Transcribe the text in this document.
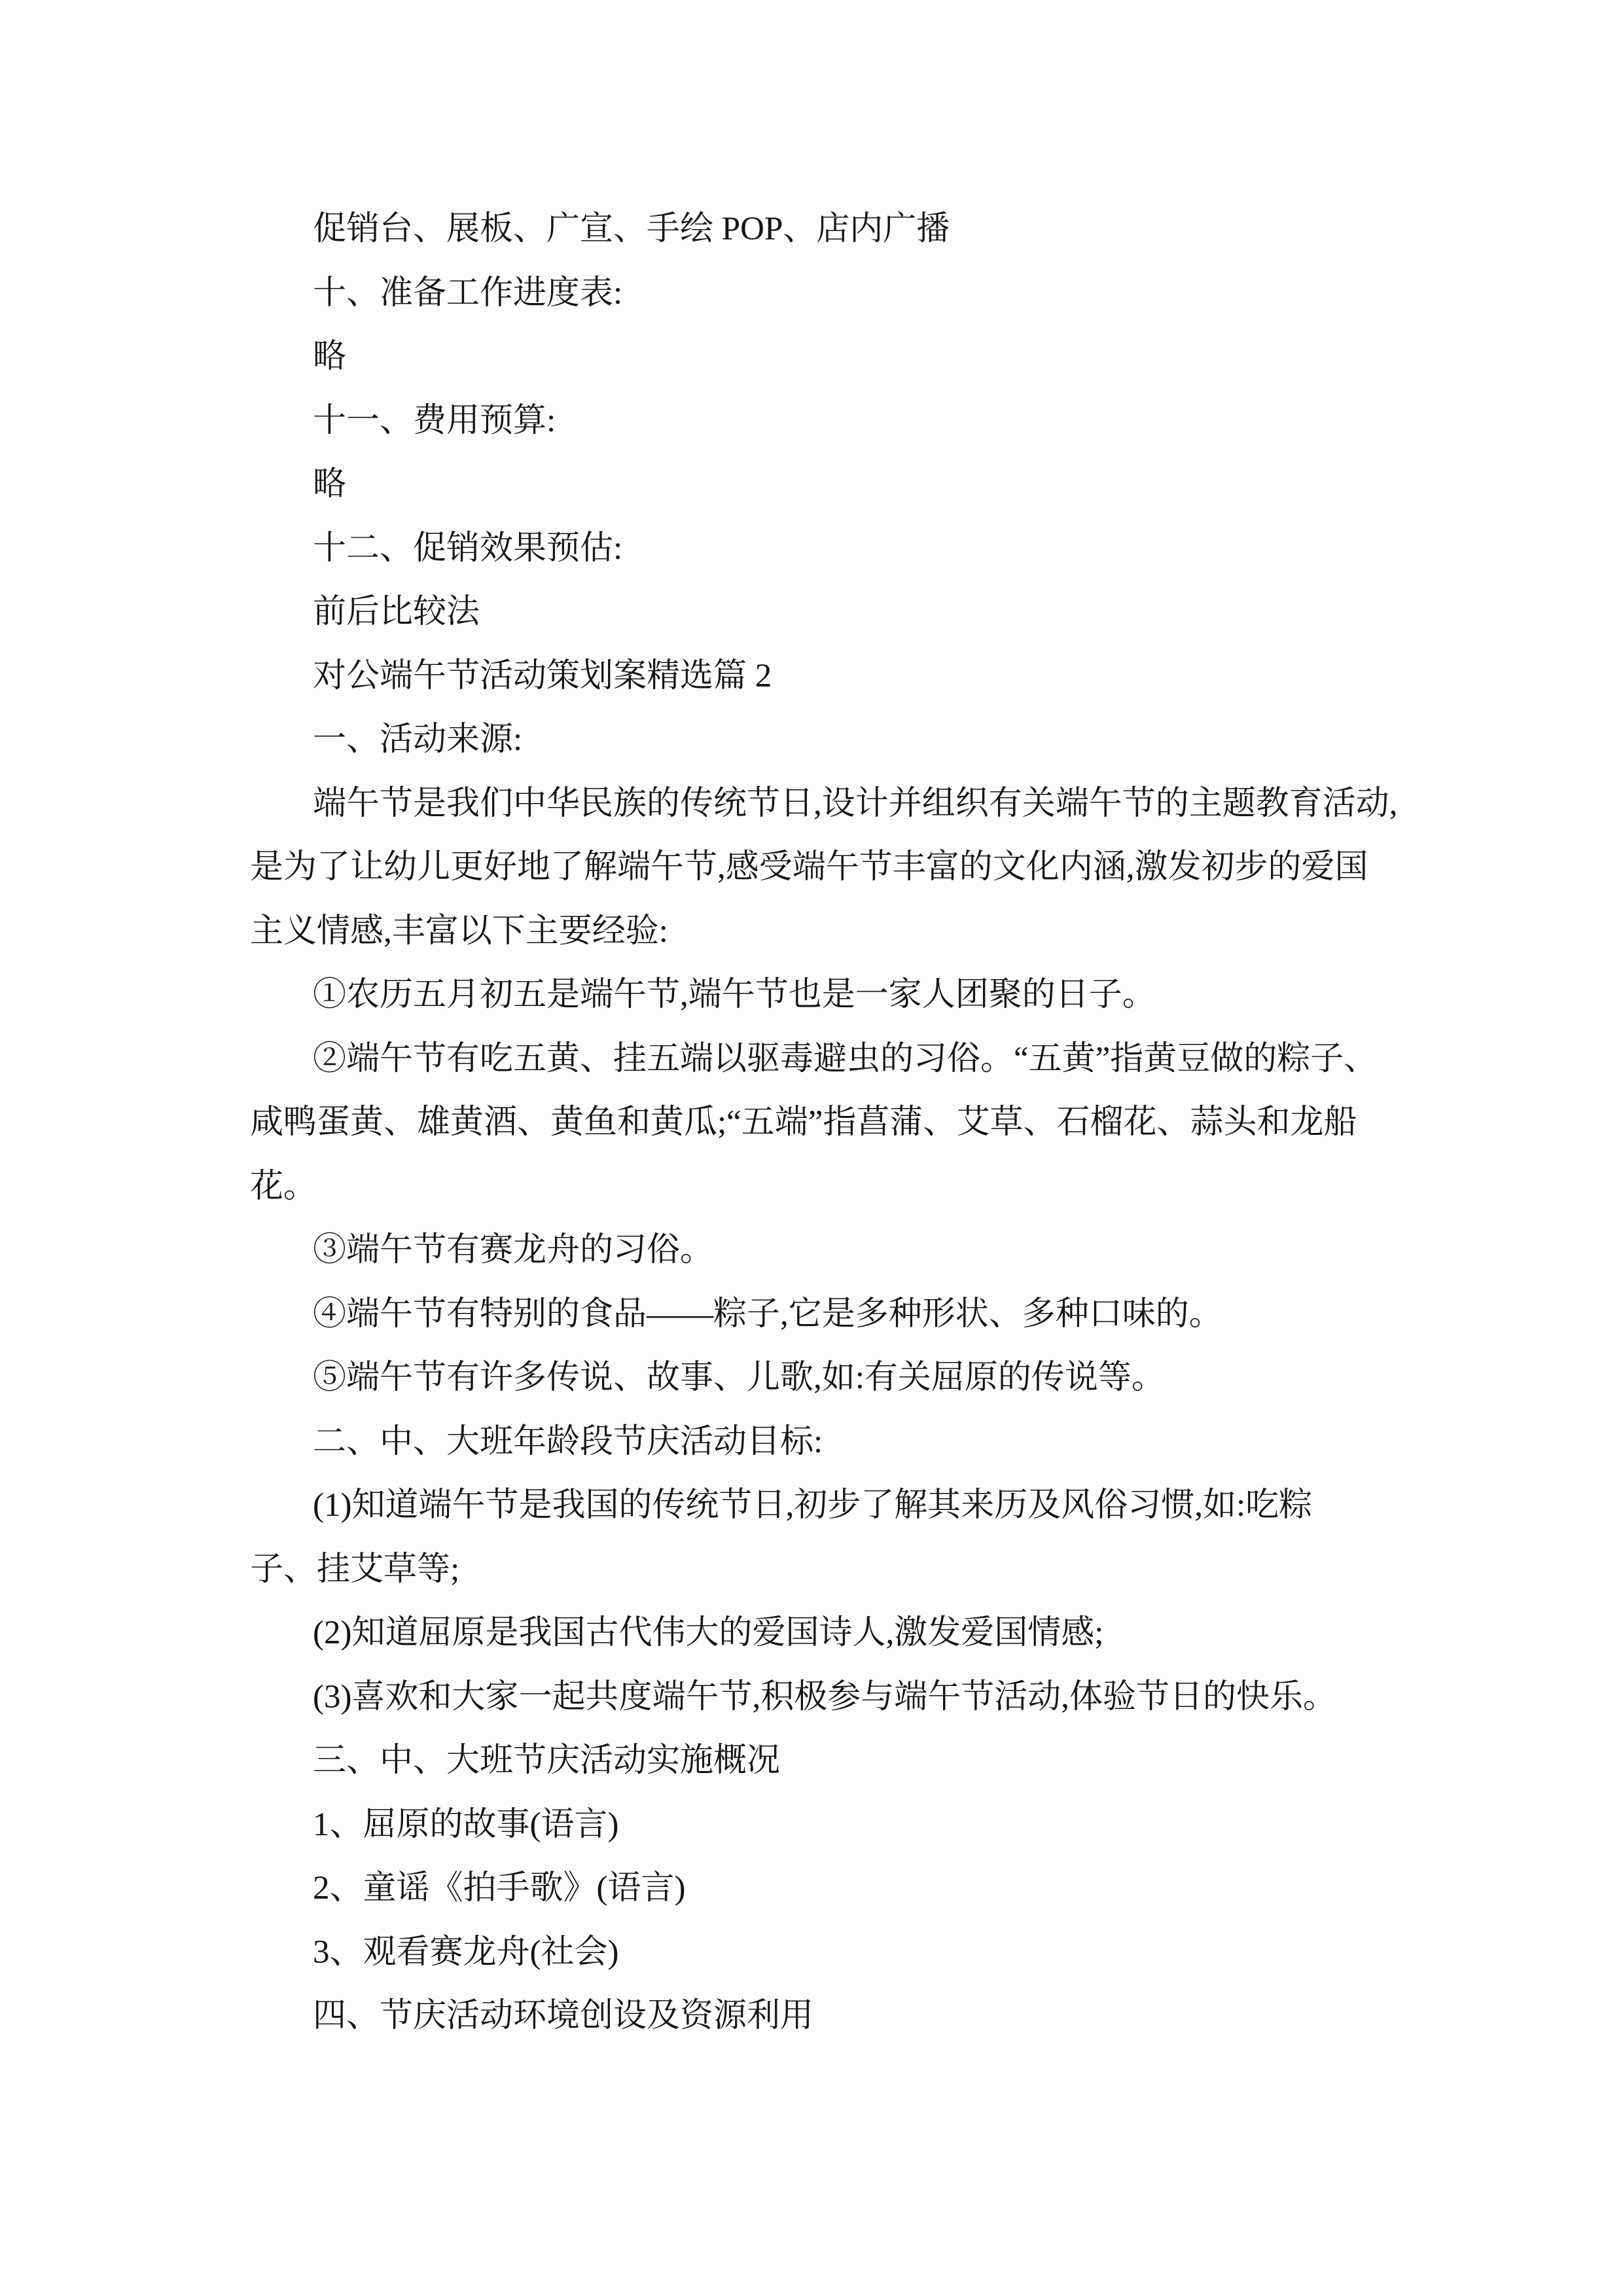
促销台、展板、广宣、手绘 POP、店内广播
十、准备工作进度表:
略
十一、费用预算:
略
十二、促销效果预估:
前后比较法
对公端午节活动策划案精选篇 2
一、活动来源:
端午节是我们中华民族的传统节日,设计并组织有关端午节的主题教育活动,
是为了让幼儿更好地了解端午节,感受端午节丰富的文化内涵,激发初步的爱国
主义情感,丰富以下主要经验:
①农历五月初五是端午节,端午节也是一家人团聚的日子。
②端午节有吃五黄、挂五端以驱毒避虫的习俗。“五黄”指黄豆做的粽子、
咸鸭蛋黄、雄黄酒、黄鱼和黄瓜;“五端”指菖蒲、艾草、石榴花、蒜头和龙船
花。
③端午节有赛龙舟的习俗。
④端午节有特别的食品——粽子,它是多种形状、多种口味的。
⑤端午节有许多传说、故事、儿歌,如:有关屈原的传说等。
二、中、大班年龄段节庆活动目标:
(1)知道端午节是我国的传统节日,初步了解其来历及风俗习惯,如:吃粽
子、挂艾草等;
(2)知道屈原是我国古代伟大的爱国诗人,激发爱国情感;
(3)喜欢和大家一起共度端午节,积极参与端午节活动,体验节日的快乐。
三、中、大班节庆活动实施概况
1、屈原的故事(语言)
2、童谣《拍手歌》(语言)
3、观看赛龙舟(社会)
四、节庆活动环境创设及资源利用
